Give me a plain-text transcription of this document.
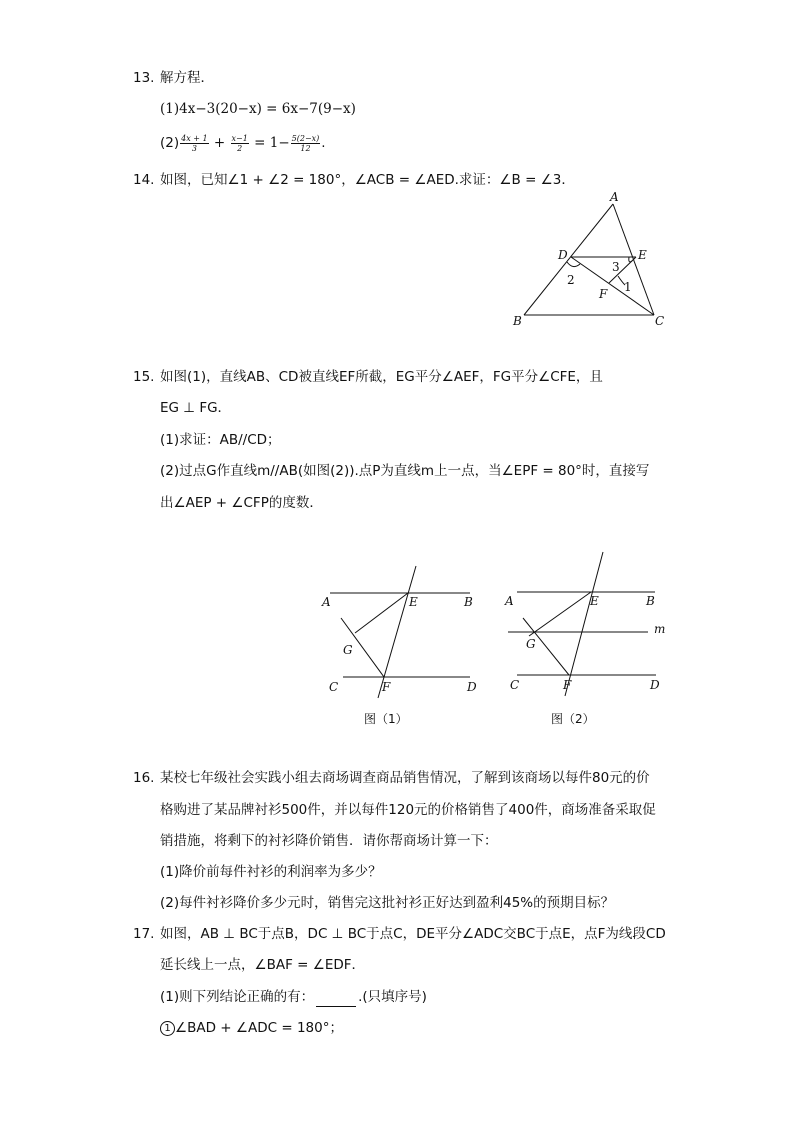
13. 解方程．
(1)4x−3(20−x) = 6x−7(9−x)
$(2) \frac{4x + 1}{3} + \frac{x-1}{2} = 1- \frac{5(2-x)}{12}$ .
14. 如图，已知∠1 + ∠2 = 180°，∠ACB = ∠AED.求证：∠B = ∠3．
A
D	E
F
B	C
2
3
1
15. 如图(1)，直线AB、CD被直线EF所截，EG平分∠AEF，FG平分∠CFE，且
EG ⊥ FG．
(1)求证：AB//CD；
(2)过点G作直线m//AB(如图(2)).点P为直线m上一点，当∠EPF = 80°时，直接写
出∠AEP + ∠CFP的度数．
A	E	B
G
C	F	D
图（1）
A	E	B
m
G
C	F	D
图（2）
16. 某校七年级社会实践小组去商场调查商品销售情况，了解到该商场以每件80元的价
格购进了某品牌衬衫500件，并以每件120元的价格销售了400件，商场准备采取促
销措施，将剩下的衬衫降价销售．请你帮商场计算一下：
(1)降价前每件衬衫的利润率为多少？
(2)每件衬衫降价多少元时，销售完这批衬衫正好达到盈利45%的预期目标？
17. 如图，AB ⊥ BC于点B，DC ⊥ BC于点C，DE平分∠ADC交BC于点E，点F为线段CD
延长线上一点，∠BAF = ∠EDF．
(1)则下列结论正确的有：	.(只填序号)
1 ∠BAD + ∠ADC = 180°；
